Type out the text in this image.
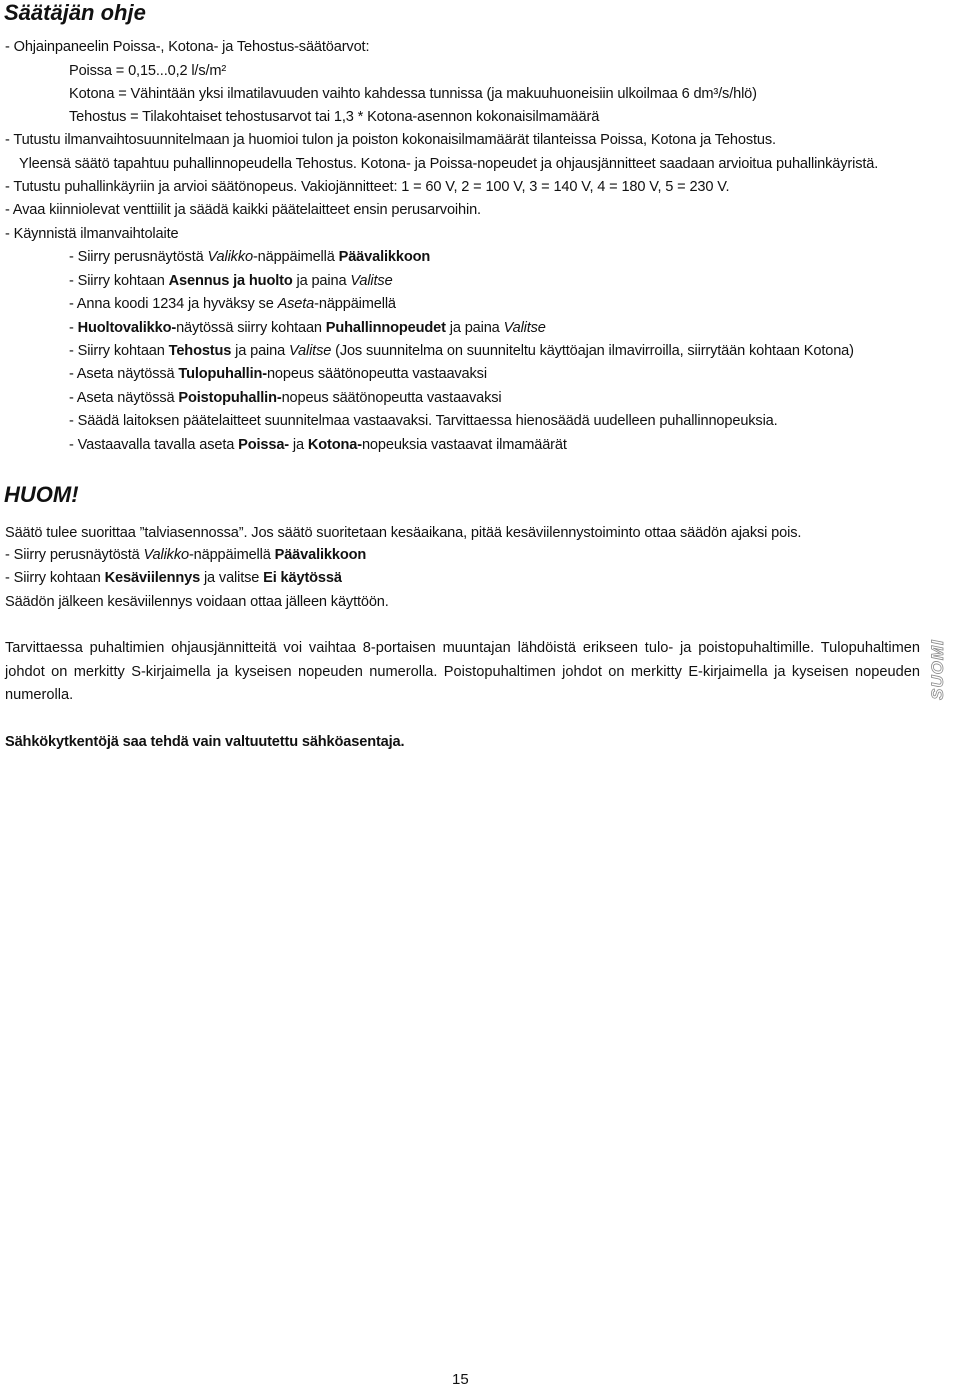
Säätäjän ohje
- Ohjainpaneelin Poissa-, Kotona- ja Tehostus-säätöarvot:
Poissa = 0,15...0,2 l/s/m²
Kotona = Vähintään yksi ilmatilavuuden vaihto kahdessa tunnissa (ja makuuhuoneisiin ulkoilmaa 6 dm³/s/hlö)
Tehostus = Tilakohtaiset tehostusarvot tai 1,3 * Kotona-asennon kokonaisilmamäärä
- Tutustu ilmanvaihtosuunnitelmaan ja huomioi tulon ja poiston kokonaisilmamäärät tilanteissa Poissa, Kotona ja Tehostus.
Yleensä säätö tapahtuu puhallinnopeudella Tehostus. Kotona- ja Poissa-nopeudet ja ohjausjännitteet saadaan arvioitua puhallinkäyristä.
- Tutustu puhallinkäyriin ja arvioi säätönopeus. Vakiojännitteet: 1 = 60 V, 2 = 100 V, 3 = 140 V, 4 = 180 V, 5 = 230 V.
- Avaa kiinniolevat venttiilit ja säädä kaikki päätelaitteet ensin perusarvoihin.
- Käynnistä ilmanvaihtolaite
- Siirry perusnäytöstä Valikko-näppäimellä Päävalikkoon
- Siirry kohtaan Asennus ja huolto ja paina Valitse
- Anna koodi 1234 ja hyväksy se Aseta-näppäimellä
- Huoltovalikko-näytössä siirry kohtaan Puhallinnopeudet ja paina Valitse
- Siirry kohtaan Tehostus ja paina Valitse (Jos suunnitelma on suunniteltu käyttöajan ilmavirroilla, siirrytään kohtaan Kotona)
- Aseta näytössä Tulopuhallin-nopeus säätönopeutta vastaavaksi
- Aseta näytössä Poistopuhallin-nopeus säätönopeutta vastaavaksi
- Säädä laitoksen päätelaitteet suunnitelmaa vastaavaksi. Tarvittaessa hienosäädä uudelleen puhallinnopeuksia.
- Vastaavalla tavalla aseta Poissa- ja Kotona-nopeuksia vastaavat ilmamäärät
HUOM!
Säätö tulee suorittaa ”talviasennossa”. Jos säätö suoritetaan kesäaikana, pitää kesäviilennystoiminto ottaa säädön ajaksi pois.
- Siirry perusnäytöstä Valikko-näppäimellä Päävalikkoon
- Siirry kohtaan Kesäviilennys ja valitse Ei käytössä
Säädön jälkeen kesäviilennys voidaan ottaa jälleen käyttöön.
Tarvittaessa puhaltimien ohjausjännitteitä voi vaihtaa 8-portaisen muuntajan lähdöistä erikseen tulo- ja poistopuhaltimille. Tulopuhaltimen johdot on merkitty S-kirjaimella ja kyseisen nopeuden numerolla. Poistopuhaltimen johdot on merkitty E-kirjaimella ja kyseisen nopeuden numerolla.
Sähkökytkentöjä saa tehdä vain valtuutettu sähköasentaja.
SUOMI
15
